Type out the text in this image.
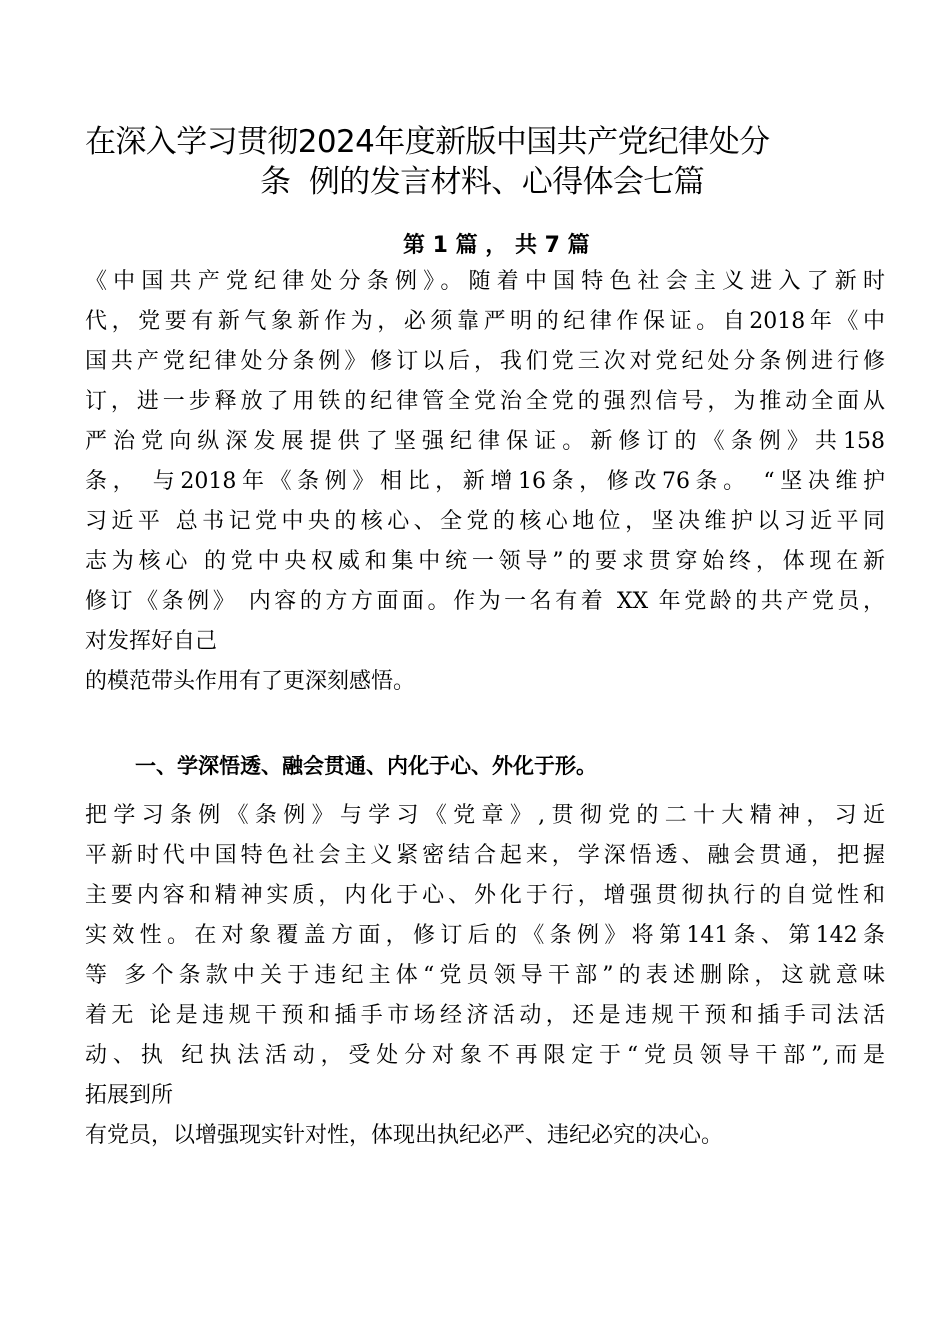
在深入学习贯彻2024年度新版中国共产党纪律处分
条  例的发言材料、心得体会七篇
第 1 篇 ， 共 7 篇
《中国共产党纪律处分条例》。随着中国特色社会主义进入了新时
代，党要有新气象新作为，必须靠严明的纪律作保证。自2018年《中
国共产党纪律处分条例》修订以后，我们党三次对党纪处分条例进行修
订，进一步释放了用铁的纪律管全党治全党的强烈信号，为推动全面从
严治党向纵深发展提供了坚强纪律保证。新修订的《条例》共158
条， 与2018年《条例》相比，新增16条，修改76条。 “坚决维护
习近平 总书记党中央的核心、全党的核心地位，坚决维护以习近平同
志为核心 的党中央权威和集中统一领导”的要求贯穿始终，体现在新
修订《条例》 内容的方方面面。作为一名有着 XX 年党龄的共产党员，
对发挥好自己
的模范带头作用有了更深刻感悟。
一、学深悟透、融会贯通、内化于心、外化于形。
把学习条例《条例》与学习《党章》,贯彻党的二十大精神，习近
平新时代中国特色社会主义紧密结合起来，学深悟透、融会贯通，把握
主要内容和精神实质，内化于心、外化于行，增强贯彻执行的自觉性和
实效性。在对象覆盖方面，修订后的《条例》将第141条、第142条
等 多个条款中关于违纪主体“党员领导干部”的表述删除，这就意味
着无 论是违规干预和插手市场经济活动，还是违规干预和插手司法活
动、执 纪执法活动，受处分对象不再限定于“党员领导干部”,而是
拓展到所
有党员，以增强现实针对性，体现出执纪必严、违纪必究的决心。
